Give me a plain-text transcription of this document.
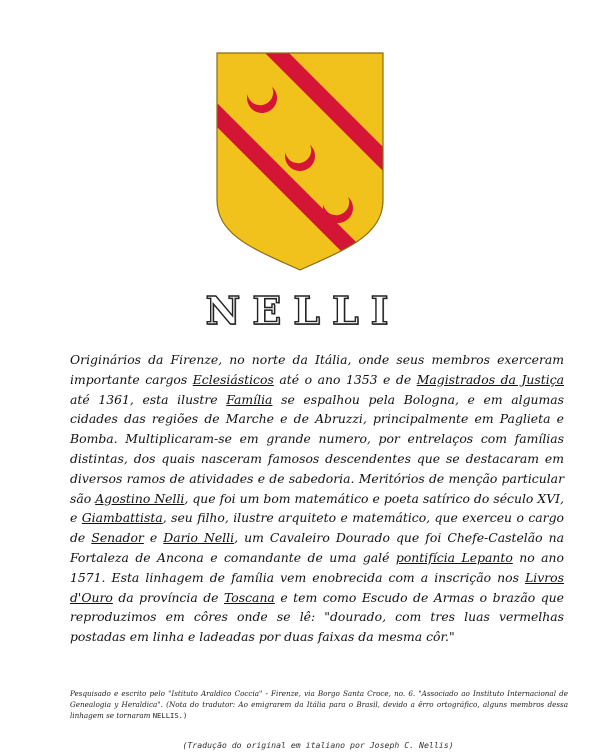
NELLI
Originários da Firenze, no norte da Itália, onde seus membros exerceram importante cargos Eclesiásticos até o ano 1353 e de Magistrados da Justiça até 1361, esta ilustre Família se espalhou pela Bologna, e em algumas cidades das regiões de Marche e de Abruzzi, principalmente em Paglieta e Bomba. Multiplicaram-se em grande numero, por entrelaços com famílias distintas, dos quais nasceram famosos descendentes que se destacaram em diversos ramos de atividades e de sabedoria. Meritórios de menção particular são Agostino Nelli, que foi um bom matemático e poeta satírico do século XVI, e Giambattista, seu filho, ilustre arquiteto e matemático, que exerceu o cargo de Senador e Dario Nelli, um Cavaleiro Dourado que foi Chefe-Castelão na Fortaleza de Ancona e comandante de uma galé pontifícia Lepanto no ano 1571. Esta linhagem de família vem enobrecida com a inscrição nos Livros d'Ouro da província de Toscana e tem como Escudo de Armas o brazão que reproduzimos em côres onde se lê: "dourado, com tres luas vermelhas postadas em linha e ladeadas por duas faixas da mesma côr."
Pesquisado e escrito pelo "Istituto Araldico Coccia" - Firenze, via Borgo Santa Croce, no. 6. "Associado ao Instituto Internacional de Genealogia y Heraldica". (Nota do tradutor: Ao emigrarem da Itália para o Brasil, devido a êrro ortográfico, alguns membros dessa linhagem se tornaram NELLIS.)
(Tradução do original em italiano por Joseph C. Nellis)
